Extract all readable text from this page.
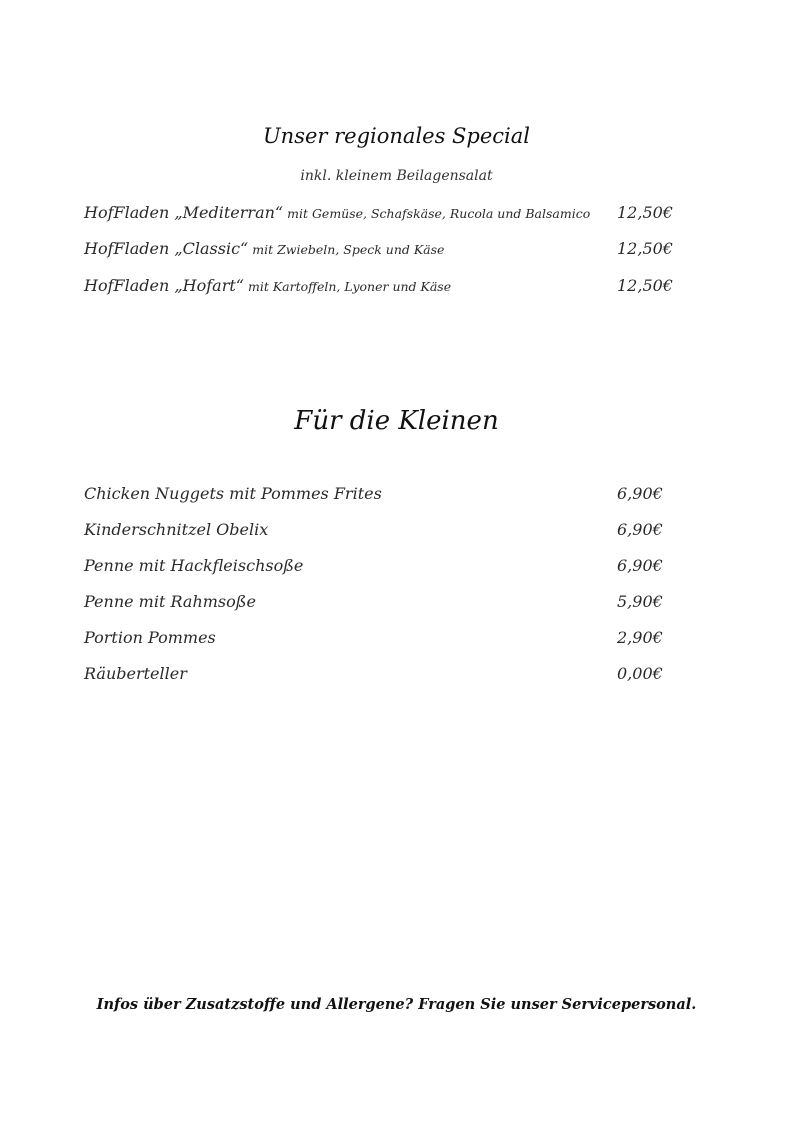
Unser regionales Special
inkl. kleinem Beilagensalat
HofFladen „Mediterran“ mit Gemüse, Schafskäse, Rucola und Balsamico 12,50€
HofFladen „Classic“ mit Zwiebeln, Speck und Käse	12,50€
HofFladen „Hofart“ mit Kartoffeln, Lyoner und Käse	12,50€
Für die Kleinen
Chicken Nuggets mit Pommes Frites	6,90€
Kinderschnitzel Obelix	6,90€
Penne mit Hackfleischsoße	6,90€
Penne mit Rahmsoße	5,90€
Portion Pommes	2,90€
Räuberteller	0,00€
Infos über Zusatzstoffe und Allergene? Fragen Sie unser Servicepersonal.
